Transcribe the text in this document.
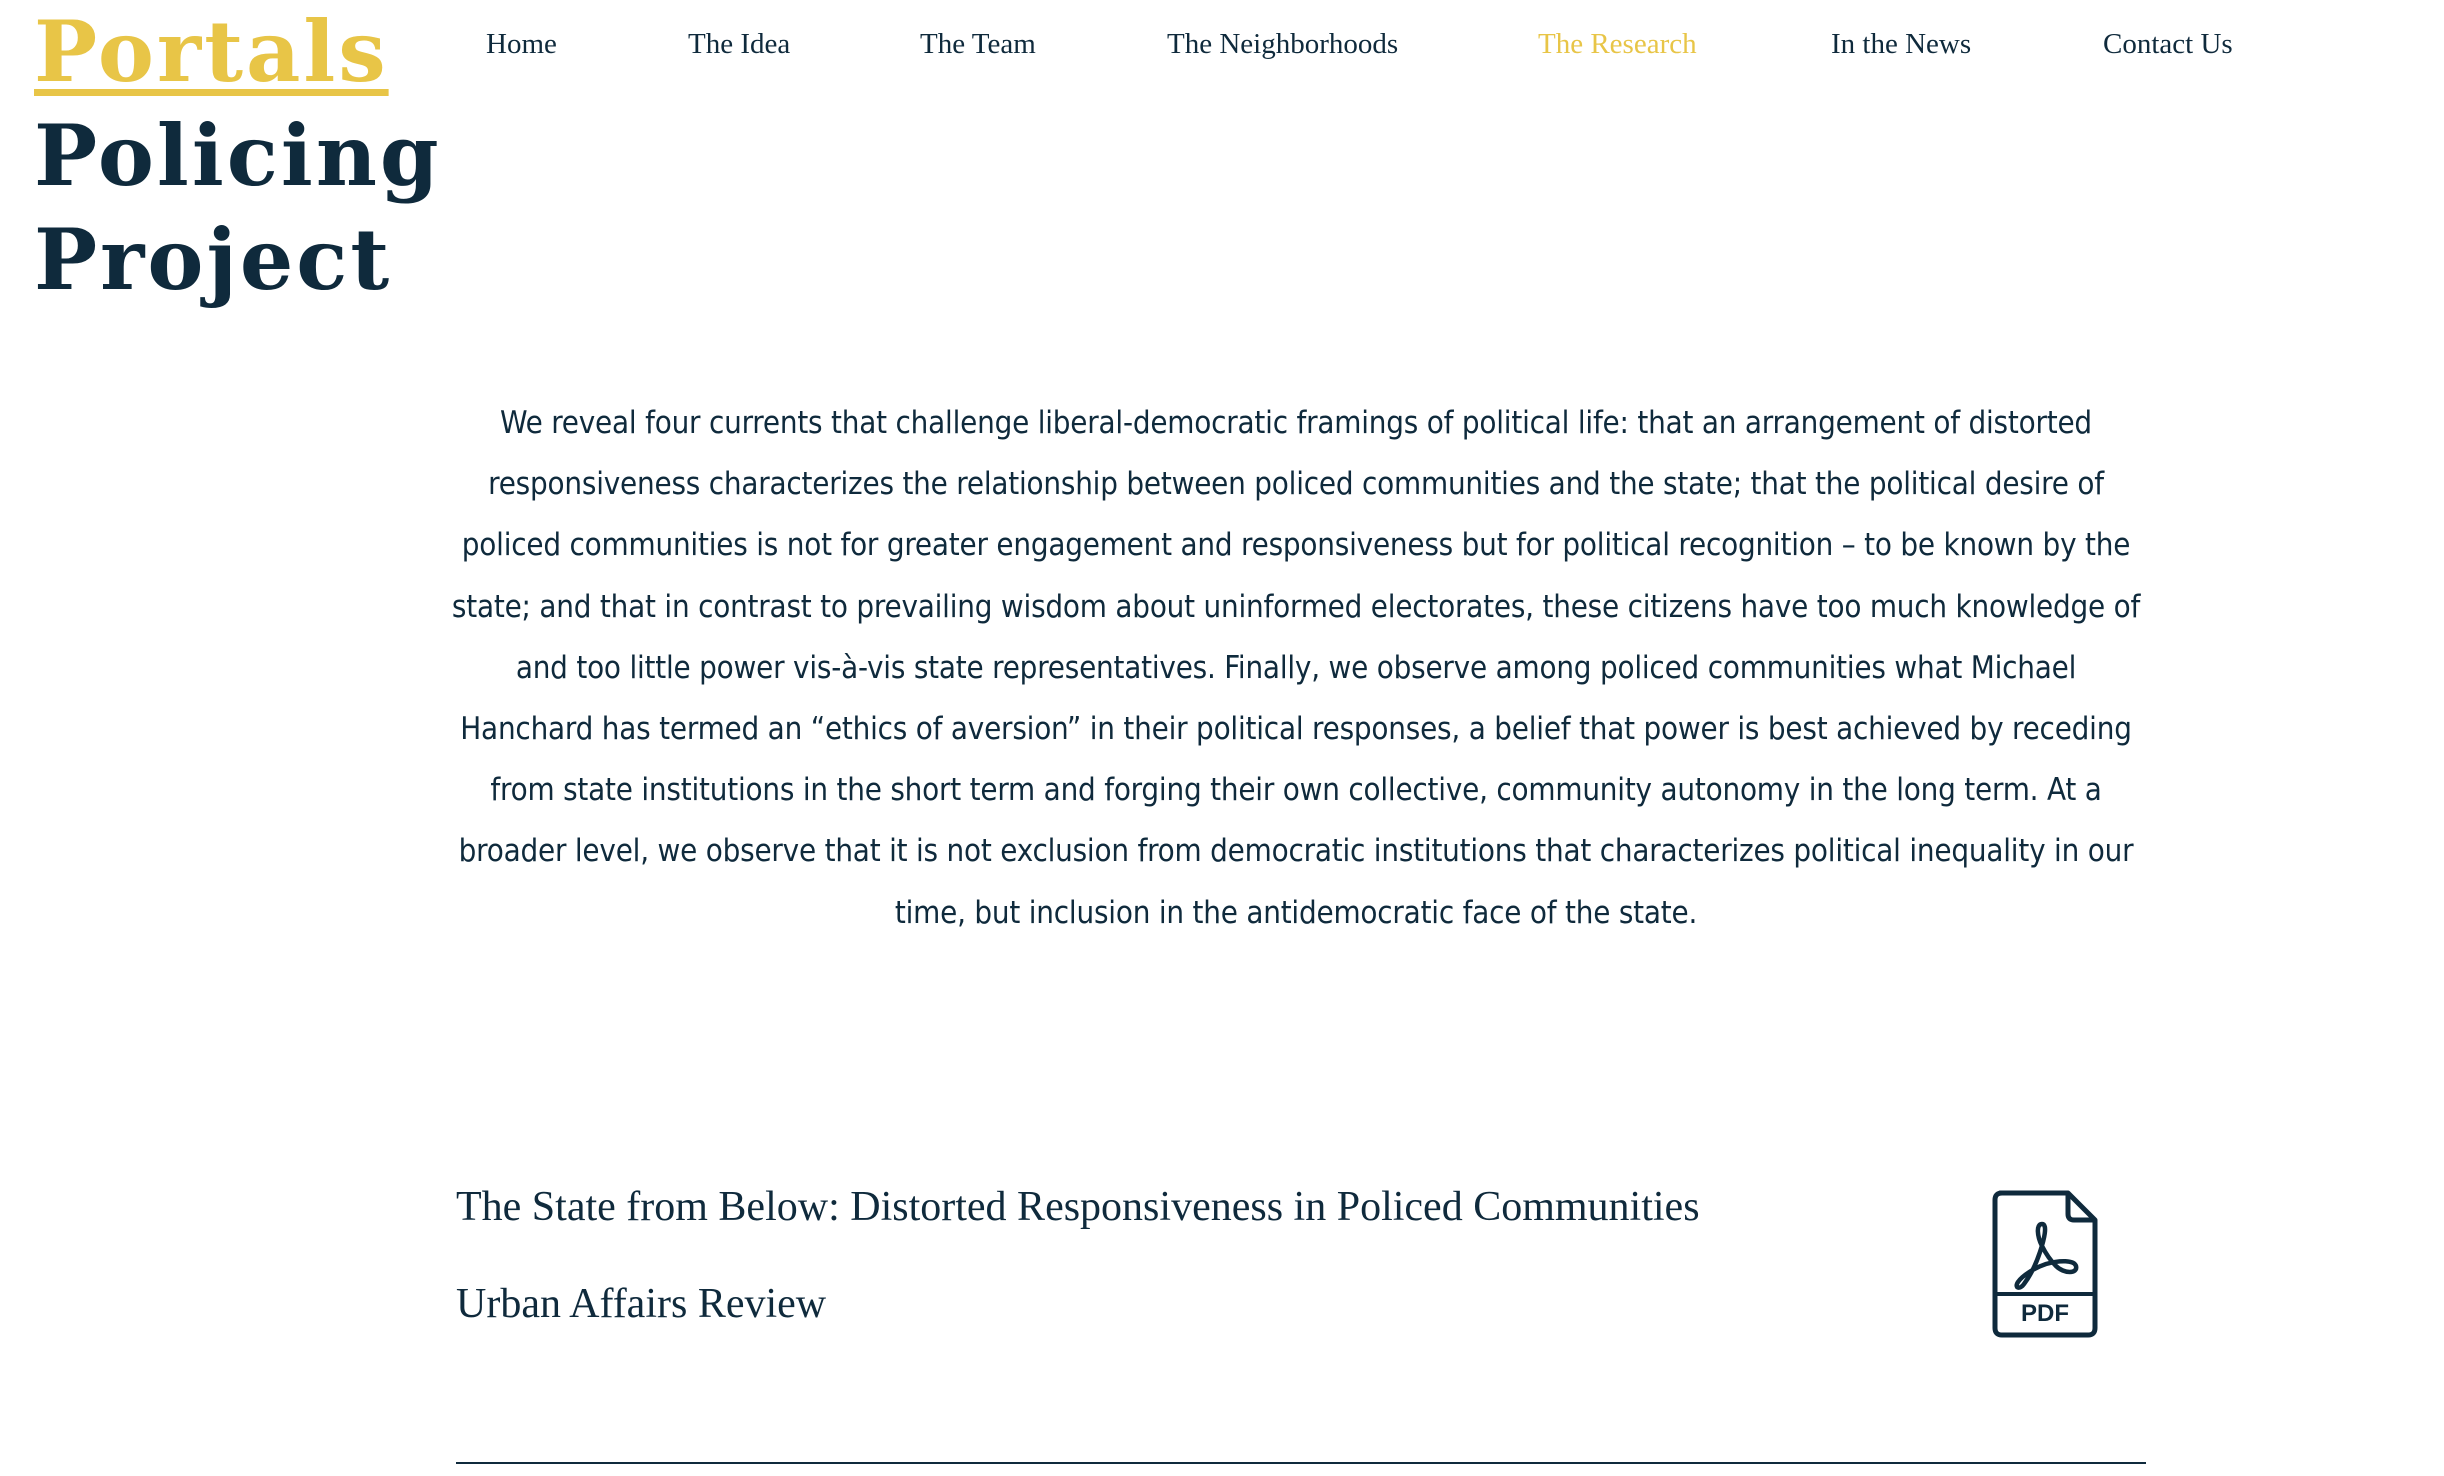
Portals
Policing
Project
Home	The Idea	The Team	The Neighborhoods	The Research	In the News	Contact Us

We reveal four currents that challenge liberal-democratic framings of political life: that an arrangement of distorted responsiveness characterizes the relationship between policed communities and the state; that the political desire of policed communities is not for greater engagement and responsiveness but for political recognition – to be known by the state; and that in contrast to prevailing wisdom about uninformed electorates, these citizens have too much knowledge of and too little power vis-à-vis state representatives. Finally, we observe among policed communities what Michael Hanchard has termed an “ethics of aversion” in their political responses, a belief that power is best achieved by receding from state institutions in the short term and forging their own collective, community autonomy in the long term. At a broader level, we observe that it is not exclusion from democratic institutions that characterizes political inequality in our time, but inclusion in the antidemocratic face of the state.

The State from Below: Distorted Responsiveness in Policed Communities
Urban Affairs Review	PDF
